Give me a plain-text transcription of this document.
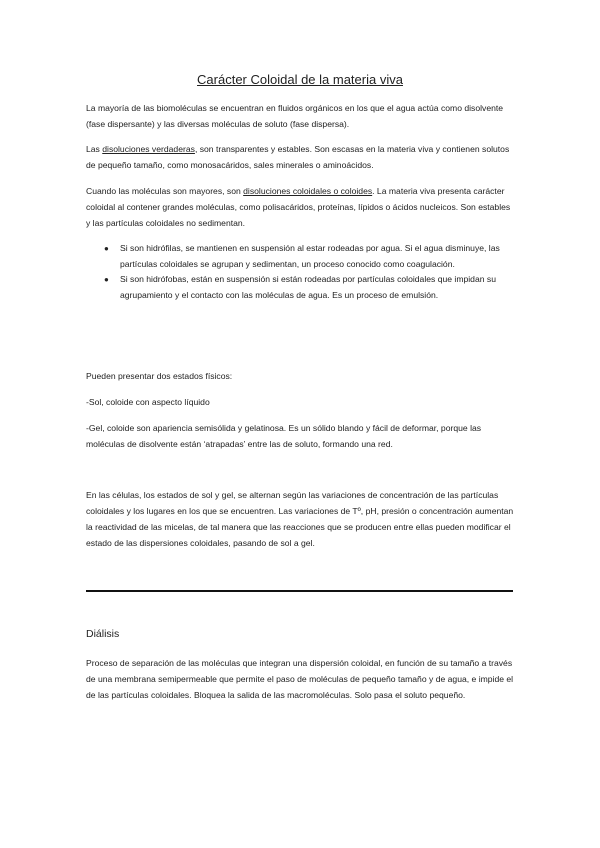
Carácter Coloidal de la materia viva

La mayoría de las biomoléculas se encuentran en fluidos orgánicos en los que el agua actúa como disolvente (fase dispersante) y las diversas moléculas de soluto (fase dispersa).

Las disoluciones verdaderas, son transparentes y estables. Son escasas en la materia viva y contienen solutos de pequeño tamaño, como monosacáridos, sales minerales o aminoácidos.

Cuando las moléculas son mayores, son disoluciones coloidales o coloides. La materia viva presenta carácter coloidal al contener grandes moléculas, como polisacáridos, proteínas, lípidos o ácidos nucleicos. Son estables y las partículas coloidales no sedimentan.

● Si son hidrófilas, se mantienen en suspensión al estar rodeadas por agua. Si el agua disminuye, las partículas coloidales se agrupan y sedimentan, un proceso conocido como coagulación.
● Si son hidrófobas, están en suspensión si están rodeadas por partículas coloidales que impidan su agrupamiento y el contacto con las moléculas de agua. Es un proceso de emulsión.

Pueden presentar dos estados físicos:

-Sol, coloide con aspecto líquido

-Gel, coloide son apariencia semisólida y gelatinosa. Es un sólido blando y fácil de deformar, porque las moléculas de disolvente están ‘atrapadas’ entre las de soluto, formando una red.

En las células, los estados de sol y gel, se alternan según las variaciones de concentración de las partículas coloidales y los lugares en los que se encuentren. Las variaciones de Tº, pH, presión o concentración aumentan la reactividad de las micelas, de tal manera que las reacciones que se producen entre ellas pueden modificar el estado de las dispersiones coloidales, pasando de sol a gel.

Diálisis

Proceso de separación de las moléculas que integran una dispersión coloidal, en función de su tamaño a través de una membrana semipermeable que permite el paso de moléculas de pequeño tamaño y de agua, e impide el de las partículas coloidales. Bloquea la salida de las macromoléculas. Solo pasa el soluto pequeño.
